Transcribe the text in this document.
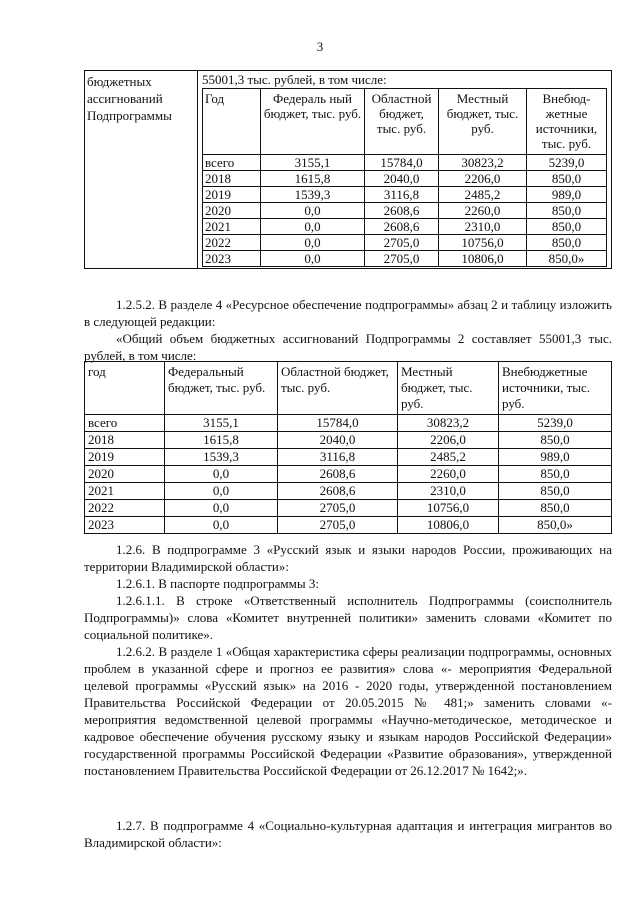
3
бюджетных ассигнований Подпрограммы	
55001,3 тыс. рублей, в том числе:
Год	Федераль ный бюджет, тыс. руб.	Областной бюджет, тыс. руб.	Местный бюджет, тыс. руб.	Внебюд- жетные источники, тыс. руб.
всего	3155,1	15784,0	30823,2	5239,0
2018	1615,8	2040,0	2206,0	850,0
2019	1539,3	3116,8	2485,2	989,0
2020	0,0	2608,6	2260,0	850,0
2021	0,0	2608,6	2310,0	850,0
2022	0,0	2705,0	10756,0	850,0
2023	0,0	2705,0	10806,0	850,0»

1.2.5.2. В разделе 4 «Ресурсное обеспечение подпрограммы» абзац 2 и таблицу изложить в следующей редакции:

«Общий объем бюджетных ассигнований Подпрограммы 2 составляет 55001,3 тыс. рублей, в том числе:

год	Федеральный бюджет, тыс. руб.	Областной бюджет, тыс. руб.	Местный бюджет, тыс. руб.	Внебюджетные источники, тыс. руб.
всего	3155,1	15784,0	30823,2	5239,0
2018	1615,8	2040,0	2206,0	850,0
2019	1539,3	3116,8	2485,2	989,0
2020	0,0	2608,6	2260,0	850,0
2021	0,0	2608,6	2310,0	850,0
2022	0,0	2705,0	10756,0	850,0
2023	0,0	2705,0	10806,0	850,0»

1.2.6. В подпрограмме 3 «Русский язык и языки народов России, проживающих на территории Владимирской области»:

1.2.6.1. В паспорте подпрограммы 3:

1.2.6.1.1. В строке «Ответственный исполнитель Подпрограммы (соисполнитель Подпрограммы)» слова «Комитет внутренней политики» заменить словами «Комитет по социальной политике».

1.2.6.2. В разделе 1 «Общая характеристика сферы реализации подпрограммы, основных проблем в указанной сфере и прогноз ее развития» слова «- мероприятия Федеральной целевой программы «Русский язык» на 2016 - 2020 годы, утвержденной постановлением Правительства Российской Федерации от 20.05.2015 № 481;» заменить словами «- мероприятия ведомственной целевой программы «Научно-методическое, методическое и кадровое обеспечение обучения русскому языку и языкам народов Российской Федерации» государственной программы Российской Федерации «Развитие образования», утвержденной постановлением Правительства Российской Федерации от 26.12.2017 № 1642;».

1.2.7. В подпрограмме 4 «Социально-культурная адаптация и интеграция мигрантов во Владимирской области»:
